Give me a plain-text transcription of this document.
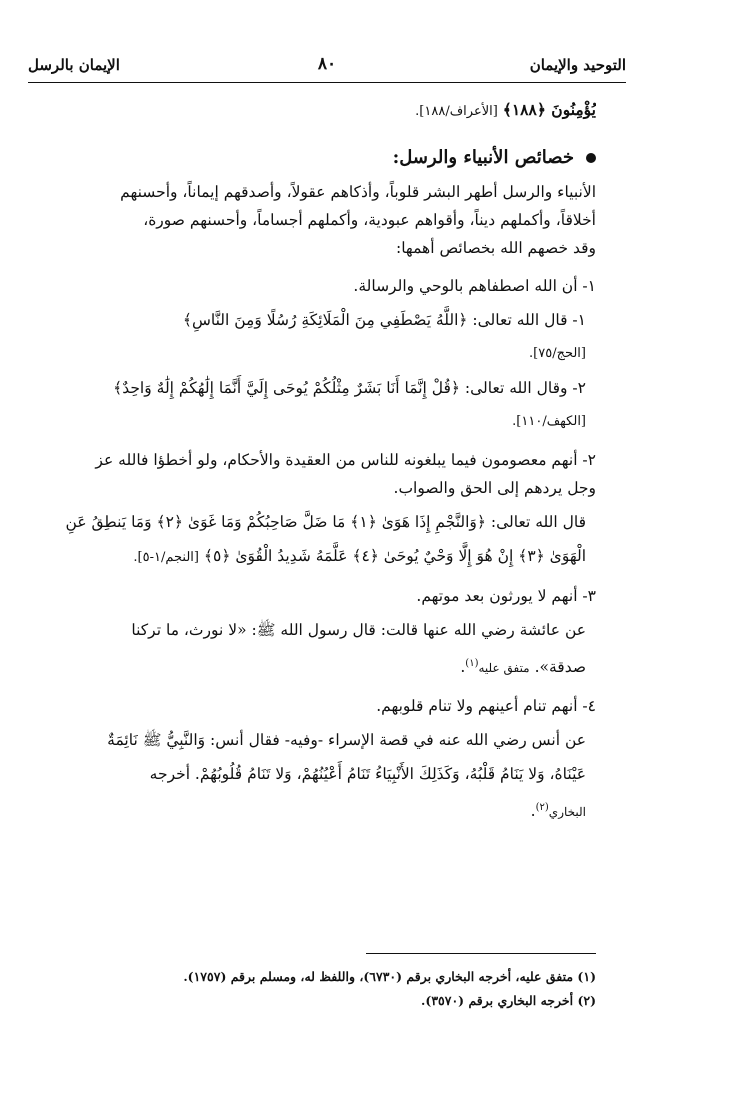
التوحيد والإيمان
٨٠
الإيمان بالرسل
يُؤْمِنُونَ ﴿١٨٨﴾ [الأعراف/١٨٨].
خصائص الأنبياء والرسل:

الأنبياء والرسل أطهر البشر قلوباً، وأذكاهم عقولاً، وأصدقهم إيماناً، وأحسنهم

أخلاقاً، وأكملهم ديناً، وأقواهم عبودية، وأكملهم أجساماً، وأحسنهم صورة،

وقد خصهم الله بخصائص أهمها:

١- أن الله اصطفاهم بالوحي والرسالة.

١- قال الله تعالى: ﴿اللَّهُ يَصْطَفِي مِنَ الْمَلَائِكَةِ رُسُلًا وَمِنَ النَّاسِ﴾

[الحج/٧٥].

٢- وقال الله تعالى: ﴿قُلْ إِنَّمَا أَنَا بَشَرٌ مِثْلُكُمْ يُوحَى إِلَيَّ أَنَّمَا إِلَٰهُكُمْ إِلَٰهٌ وَاحِدٌ﴾

[الكهف/١١٠].

٢- أنهم معصومون فيما يبلغونه للناس من العقيدة والأحكام، ولو أخطؤا فالله عز

وجل يردهم إلى الحق والصواب.

قال الله تعالى: ﴿وَالنَّجْمِ إِذَا هَوَىٰ ﴿١﴾ مَا ضَلَّ صَاحِبُكُمْ وَمَا غَوَىٰ ﴿٢﴾ وَمَا يَنطِقُ عَنِ

الْهَوَىٰ ﴿٣﴾ إِنْ هُوَ إِلَّا وَحْيٌ يُوحَىٰ ﴿٤﴾ عَلَّمَهُ شَدِيدُ الْقُوَىٰ ﴿٥﴾ [النجم/١-٥].

٣- أنهم لا يورثون بعد موتهم.

عن عائشة رضي الله عنها قالت: قال رسول الله ﷺ: «لا نورث، ما تركنا

صدقة». متفق عليه$^{(١)}$.

٤- أنهم تنام أعينهم ولا تنام قلوبهم.

عن أنس رضي الله عنه في قصة الإسراء -وفيه- فقال أنس: وَالنَّبِيُّ ﷺ نَائِمَةٌ

عَيْنَاهُ، وَلا يَنَامُ قَلْبُهُ، وَكَذَلِكَ الأَنْبِيَاءُ تَنَامُ أَعْيُنُهُمْ، وَلا تَنَامُ قُلُوبُهُمْ. أخرجه

البخاري$^{(٢)}$.

(١) متفق عليه، أخرجه البخاري برقم (٦٧٣٠)، واللفظ له، ومسلم برقم (١٧٥٧).
(٢) أخرجه البخاري برقم (٣٥٧٠).
